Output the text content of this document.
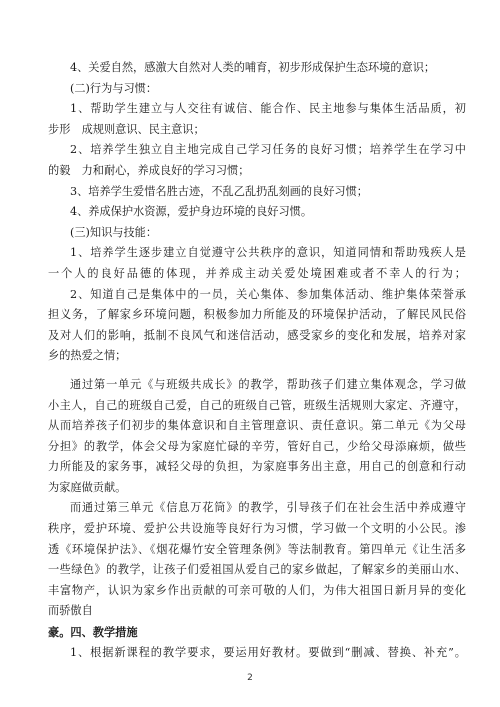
4、关爱自然，感激大自然对人类的哺育，初步形成保护生态环境的意识；
(二)行为与习惯：
1、帮助学生建立与人交往有诚信、能合作、民主地参与集体生活品质，初
步形　成规则意识、民主意识；
2、培养学生独立自主地完成自己学习任务的良好习惯；培养学生在学习中
的毅　力和耐心，养成良好的学习习惯；
3、培养学生爱惜名胜古迹，不乱乙乱扔乱刻画的良好习惯；
4、养成保护水资源，爱护身边环境的良好习惯。
(三)知识与技能：
1、培养学生逐步建立自觉遵守公共秩序的意识，知道同情和帮助残疾人是
一个人的良好品德的体现，并养成主动关爱处境困难或者不幸人的行为；
2、知道自己是集体中的一员，关心集体、参加集体活动、维护集体荣誉承
担义务，了解家乡环境问题，积极参加力所能及的环境保护活动，了解民风民俗
及对人们的影响，抵制不良风气和迷信活动，感受家乡的变化和发展，培养对家
乡的热爱之情；
通过第一单元《与班级共成长》的教学，帮助孩子们建立集体观念，学习做
小主人，自己的班级自己爱，自己的班级自己管，班级生活规则大家定、齐遵守，
从而培养孩子们初步的集体意识和自主管理意识、责任意识。第二单元《为父母
分担》的教学，体会父母为家庭忙碌的辛劳，管好自己，少给父母添麻烦，做些
力所能及的家务事，减轻父母的负担，为家庭事务出主意，用自己的创意和行动
为家庭做贡献。
而通过第三单元《信息万花筒》的教学，引导孩子们在社会生活中养成遵守
秩序，爱护环境、爱护公共设施等良好行为习惯，学习做一个文明的小公民。渗
透《环境保护法》、《烟花爆竹安全管理条例》等法制教育。第四单元《让生活多
一些绿色》的教学，让孩子们爱祖国从爱自己的家乡做起，了解家乡的美丽山水、
丰富物产，认识为家乡作出贡献的可亲可敬的人们，为伟大祖国日新月异的变化
而骄傲自
豪。四、教学措施
1、根据新课程的教学要求，要运用好教材。要做到“删减、替换、补充”。
2
